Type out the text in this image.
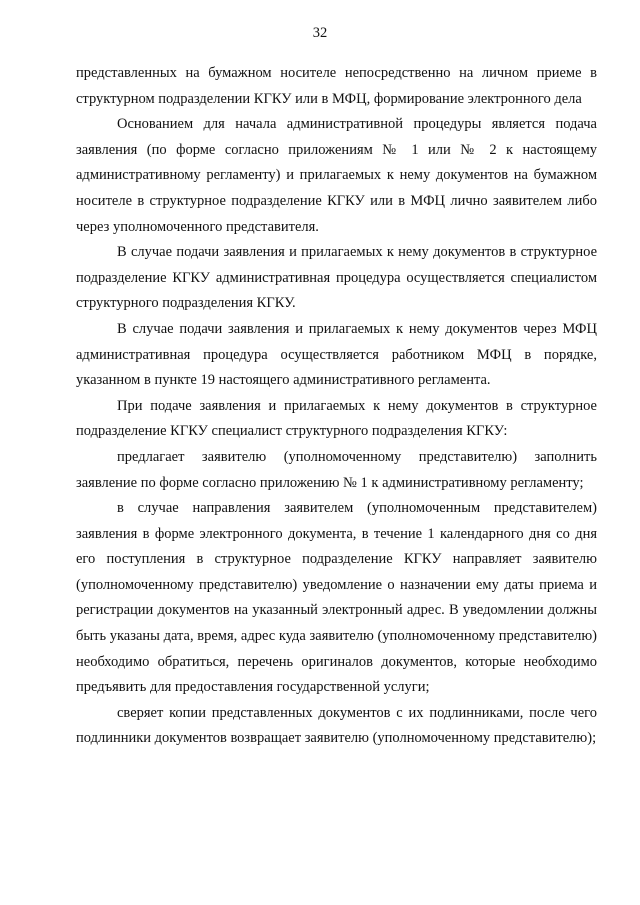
32

представленных на бумажном носителе непосредственно на личном приеме в структурном подразделении КГКУ или в МФЦ, формирование электронного дела

Основанием для начала административной процедуры является подача заявления (по форме согласно приложениям № 1 или № 2 к настоящему административному регламенту) и прилагаемых к нему документов на бумажном носителе в структурное подразделение КГКУ или в МФЦ лично заявителем либо через уполномоченного представителя.

В случае подачи заявления и прилагаемых к нему документов в структурное подразделение КГКУ административная процедура осуществляется специалистом структурного подразделения КГКУ.

В случае подачи заявления и прилагаемых к нему документов через МФЦ административная процедура осуществляется работником МФЦ в порядке, указанном в пункте 19 настоящего административного регламента.

При подаче заявления и прилагаемых к нему документов в структурное подразделение КГКУ специалист структурного подразделения КГКУ:

предлагает заявителю (уполномоченному представителю) заполнить заявление по форме согласно приложению № 1 к административному регламенту;

в случае направления заявителем (уполномоченным представителем) заявления в форме электронного документа, в течение 1 календарного дня со дня его поступления в структурное подразделение КГКУ направляет заявителю (уполномоченному представителю) уведомление о назначении ему даты приема и регистрации документов на указанный электронный адрес. В уведомлении должны быть указаны дата, время, адрес куда заявителю (уполномоченному представителю) необходимо обратиться, перечень оригиналов документов, которые необходимо предъявить для предоставления государственной услуги;

сверяет копии представленных документов с их подлинниками, после чего подлинники документов возвращает заявителю (уполномоченному представителю);
